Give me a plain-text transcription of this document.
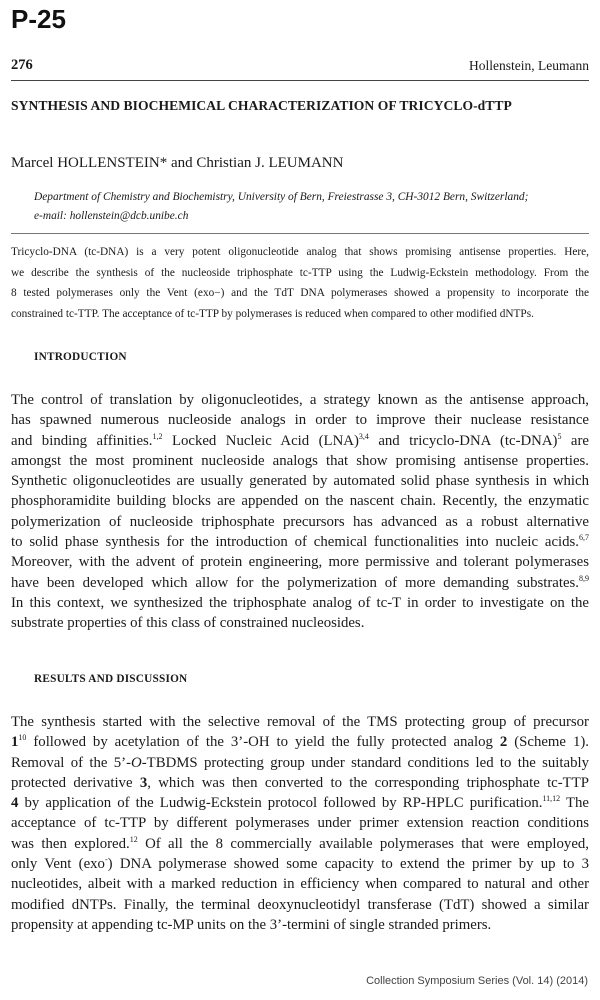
P-25
276	Hollenstein, Leumann
SYNTHESIS AND BIOCHEMICAL CHARACTERIZATION OF TRICYCLO-dTTP
Marcel HOLLENSTEIN* and Christian J. LEUMANN
Department of Chemistry and Biochemistry, University of Bern, Freiestrasse 3, CH-3012 Bern, Switzerland;
e-mail: hollenstein@dcb.unibe.ch
Tricyclo-DNA (tc-DNA) is a very potent oligonucleotide analog that shows promising antisense properties. Here,
we describe the synthesis of the nucleoside triphosphate tc-TTP using the Ludwig-Eckstein methodology. From the
8 tested polymerases only the Vent (exo−) and the TdT DNA polymerases showed a propensity to incorporate the
constrained tc-TTP. The acceptance of tc-TTP by polymerases is reduced when compared to other modified dNTPs.
INTRODUCTION
The control of translation by oligonucleotides, a strategy known as the antisense approach,
has spawned numerous nucleoside analogs in order to improve their nuclease resistance
and binding affinities.$^{1,2}$ Locked Nucleic Acid (LNA)$^{3,4}$ and tricyclo-DNA $(tc-DNA)^5$ are
amongst the most prominent nucleoside analogs that show promising antisense properties.
Synthetic oligonucleotides are usually generated by automated solid phase synthesis in which
phosphoramidite building blocks are appended on the nascent chain. Recently, the enzymatic
polymerization of nucleoside triphosphate precursors has advanced as a robust alternative
to solid phase synthesis for the introduction of chemical functionalities into nucleic acids.$^{6,7}$
Moreover, with the advent of protein engineering, more permissive and tolerant polymerases
have been developed which allow for the polymerization of more demanding substrates.$^{8,9}$
In this context, we synthesized the triphosphate analog of tc-T in order to investigate on the
substrate properties of this class of constrained nucleosides.
RESULTS AND DISCUSSION
The synthesis started with the selective removal of the TMS protecting group of precursor
$1^{10}$ followed by acetylation of the 3’-OH to yield the fully protected analog 2 (Scheme 1).
Removal of the 5’-O-TBDMS protecting group under standard conditions led to the suitably
protected derivative 3, which was then converted to the corresponding triphosphate tc-TTP
4 by application of the Ludwig-Eckstein protocol followed by RP-HPLC purification.$^{11,12}$ The
acceptance of tc-TTP by different polymerases under primer extension reaction conditions
was then explored.$^{12}$ Of all the 8 commercially available polymerases that were employed,
only Vent (exo-) DNA polymerase showed some capacity to extend the primer by up to 3
nucleotides, albeit with a marked reduction in efficiency when compared to natural and other
modified dNTPs. Finally, the terminal deoxynucleotidyl transferase (TdT) showed a similar
propensity at appending tc-MP units on the 3’-termini of single stranded primers.
Collection Symposium Series (Vol. 14) (2014)
